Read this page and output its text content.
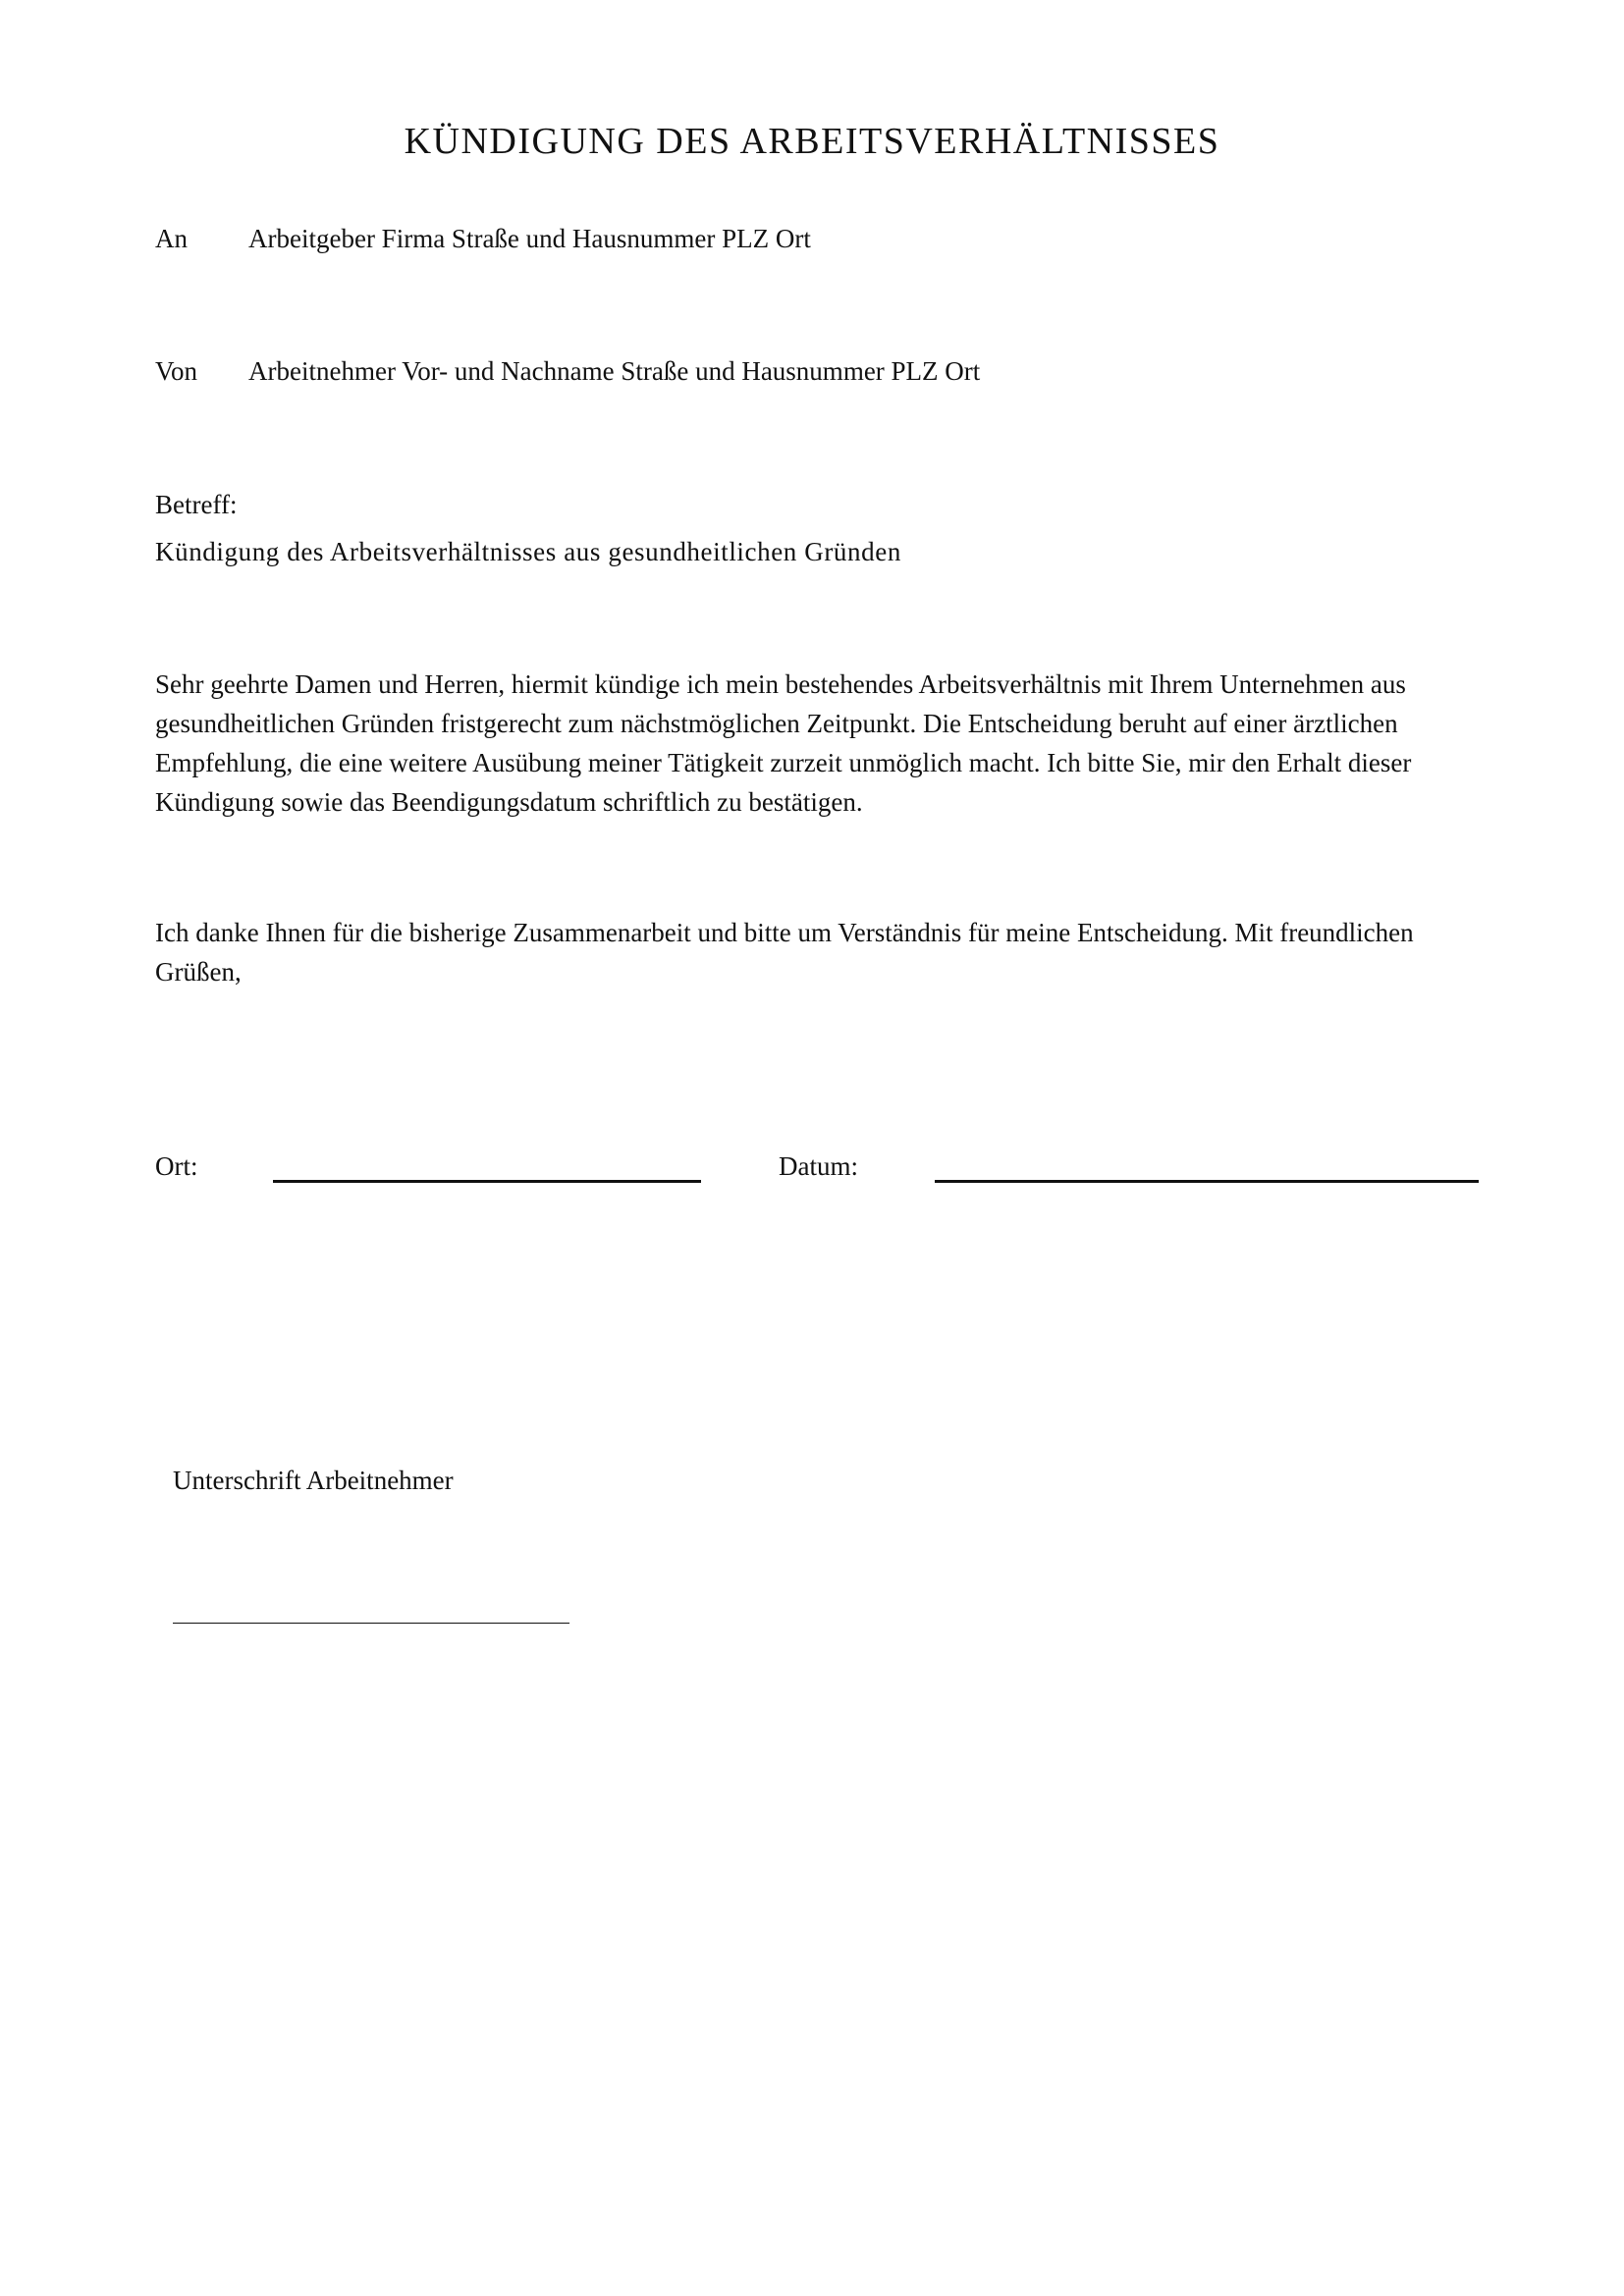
KÜNDIGUNG DES ARBEITSVERHÄLTNISSES
An Arbeitgeber Firma Straße und Hausnummer PLZ Ort
Von Arbeitnehmer Vor- und Nachname Straße und Hausnummer PLZ Ort
Betreff:
Kündigung des Arbeitsverhältnisses aus gesundheitlichen Gründen
Sehr geehrte Damen und Herren, hiermit kündige ich mein bestehendes Arbeitsverhältnis mit Ihrem Unternehmen aus gesundheitlichen Gründen fristgerecht zum nächstmöglichen Zeitpunkt. Die Entscheidung beruht auf einer ärztlichen Empfehlung, die eine weitere Ausübung meiner Tätigkeit zurzeit unmöglich macht. Ich bitte Sie, mir den Erhalt dieser Kündigung sowie das Beendigungsdatum schriftlich zu bestätigen.
Ich danke Ihnen für die bisherige Zusammenarbeit und bitte um Verständnis für meine Entscheidung. Mit freundlichen Grüßen,
Ort:	Datum:
Unterschrift Arbeitnehmer
